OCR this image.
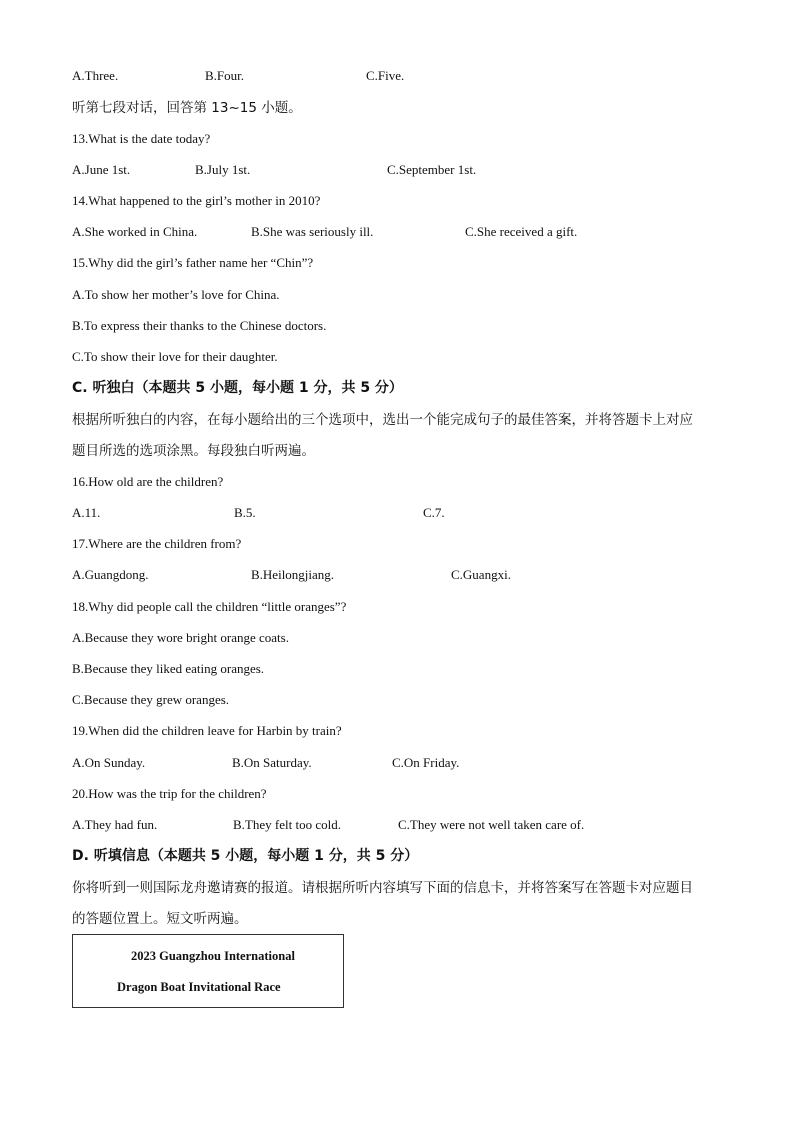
A.Three.	B.Four.	C.Five.
听第七段对话，回答第 13~15 小题。
13.What is the date today?
A.June 1st.	B.July 1st.	C.September 1st.
14.What happened to the girl’s mother in 2010?
A.She worked in China.	B.She was seriously ill.	C.She received a gift.
15.Why did the girl’s father name her “Chin”?
A.To show her mother’s love for China.
B.To express their thanks to the Chinese doctors.
C.To show their love for their daughter.
C. 听独白（本题共 5 小题，每小题 1 分，共 5 分）
根据所听独白的内容，在每小题给出的三个选项中，选出一个能完成句子的最佳答案，并将答题卡上对应
题目所选的选项涂黑。每段独白听两遍。
16.How old are the children?
A.11.	B.5.	C.7.
17.Where are the children from?
A.Guangdong.	B.Heilongjiang.	C.Guangxi.
18.Why did people call the children “little oranges”?
A.Because they wore bright orange coats.
B.Because they liked eating oranges.
C.Because they grew oranges.
19.When did the children leave for Harbin by train?
A.On Sunday.	B.On Saturday.	C.On Friday.
20.How was the trip for the children?
A.They had fun.	B.They felt too cold.	C.They were not well taken care of.
D. 听填信息（本题共 5 小题，每小题 1 分，共 5 分）
你将听到一则国际龙舟邀请赛的报道。请根据所听内容填写下面的信息卡，并将答案写在答题卡对应题目
的答题位置上。短文听两遍。
2023 Guangzhou International
Dragon Boat Invitational Race
